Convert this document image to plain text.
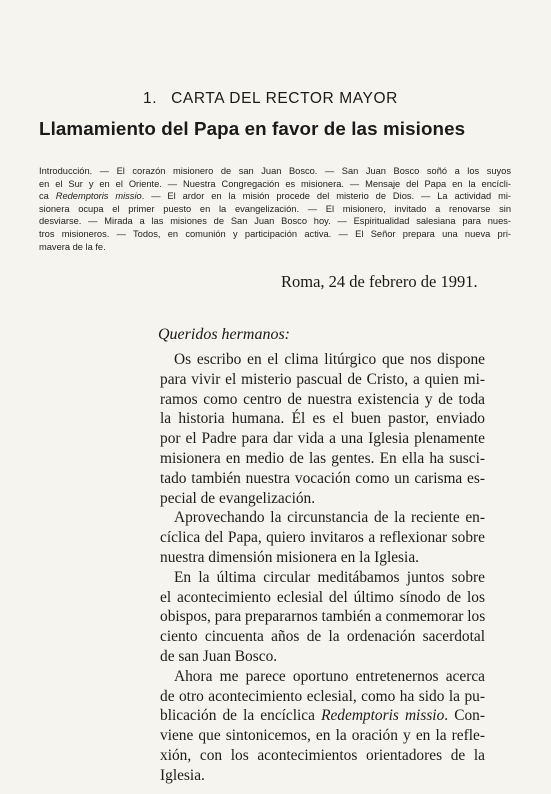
1. CARTA DEL RECTOR MAYOR
Llamamiento del Papa en favor de las misiones
Introducción. — El corazón misionero de san Juan Bosco. — San Juan Bosco soñó a los suyos
en el Sur y en el Oriente. — Nuestra Congregación es misionera. — Mensaje del Papa en la encícli-
ca Redemptoris missio. — El ardor en la misión procede del misterio de Dios. — La actividad mi-
sionera ocupa el primer puesto en la evangelización. — El misionero, invitado a renovarse sin
desviarse. — Mirada a las misiones de San Juan Bosco hoy. — Espiritualidad salesiana para nues-
tros misioneros. — Todos, en comunión y participación activa. — El Señor prepara una nueva pri-
mavera de la fe.
Roma, 24 de febrero de 1991.
Queridos hermanos:
Os escribo en el clima litúrgico que nos dispone
para vivir el misterio pascual de Cristo, a quien mi-
ramos como centro de nuestra existencia y de toda
la historia humana. Él es el buen pastor, enviado
por el Padre para dar vida a una Iglesia plenamente
misionera en medio de las gentes. En ella ha susci-
tado también nuestra vocación como un carisma es-
pecial de evangelización.
Aprovechando la circunstancia de la reciente en-
cíclica del Papa, quiero invitaros a reflexionar sobre
nuestra dimensión misionera en la Iglesia.
En la última circular meditábamos juntos sobre
el acontecimiento eclesial del último sínodo de los
obispos, para prepararnos también a conmemorar los
ciento cincuenta años de la ordenación sacerdotal
de san Juan Bosco.
Ahora me parece oportuno entretenernos acerca
de otro acontecimiento eclesial, como ha sido la pu-
blicación de la encíclica Redemptoris missio. Con-
viene que sintonicemos, en la oración y en la refle-
xión, con los acontecimientos orientadores de la
Iglesia.
